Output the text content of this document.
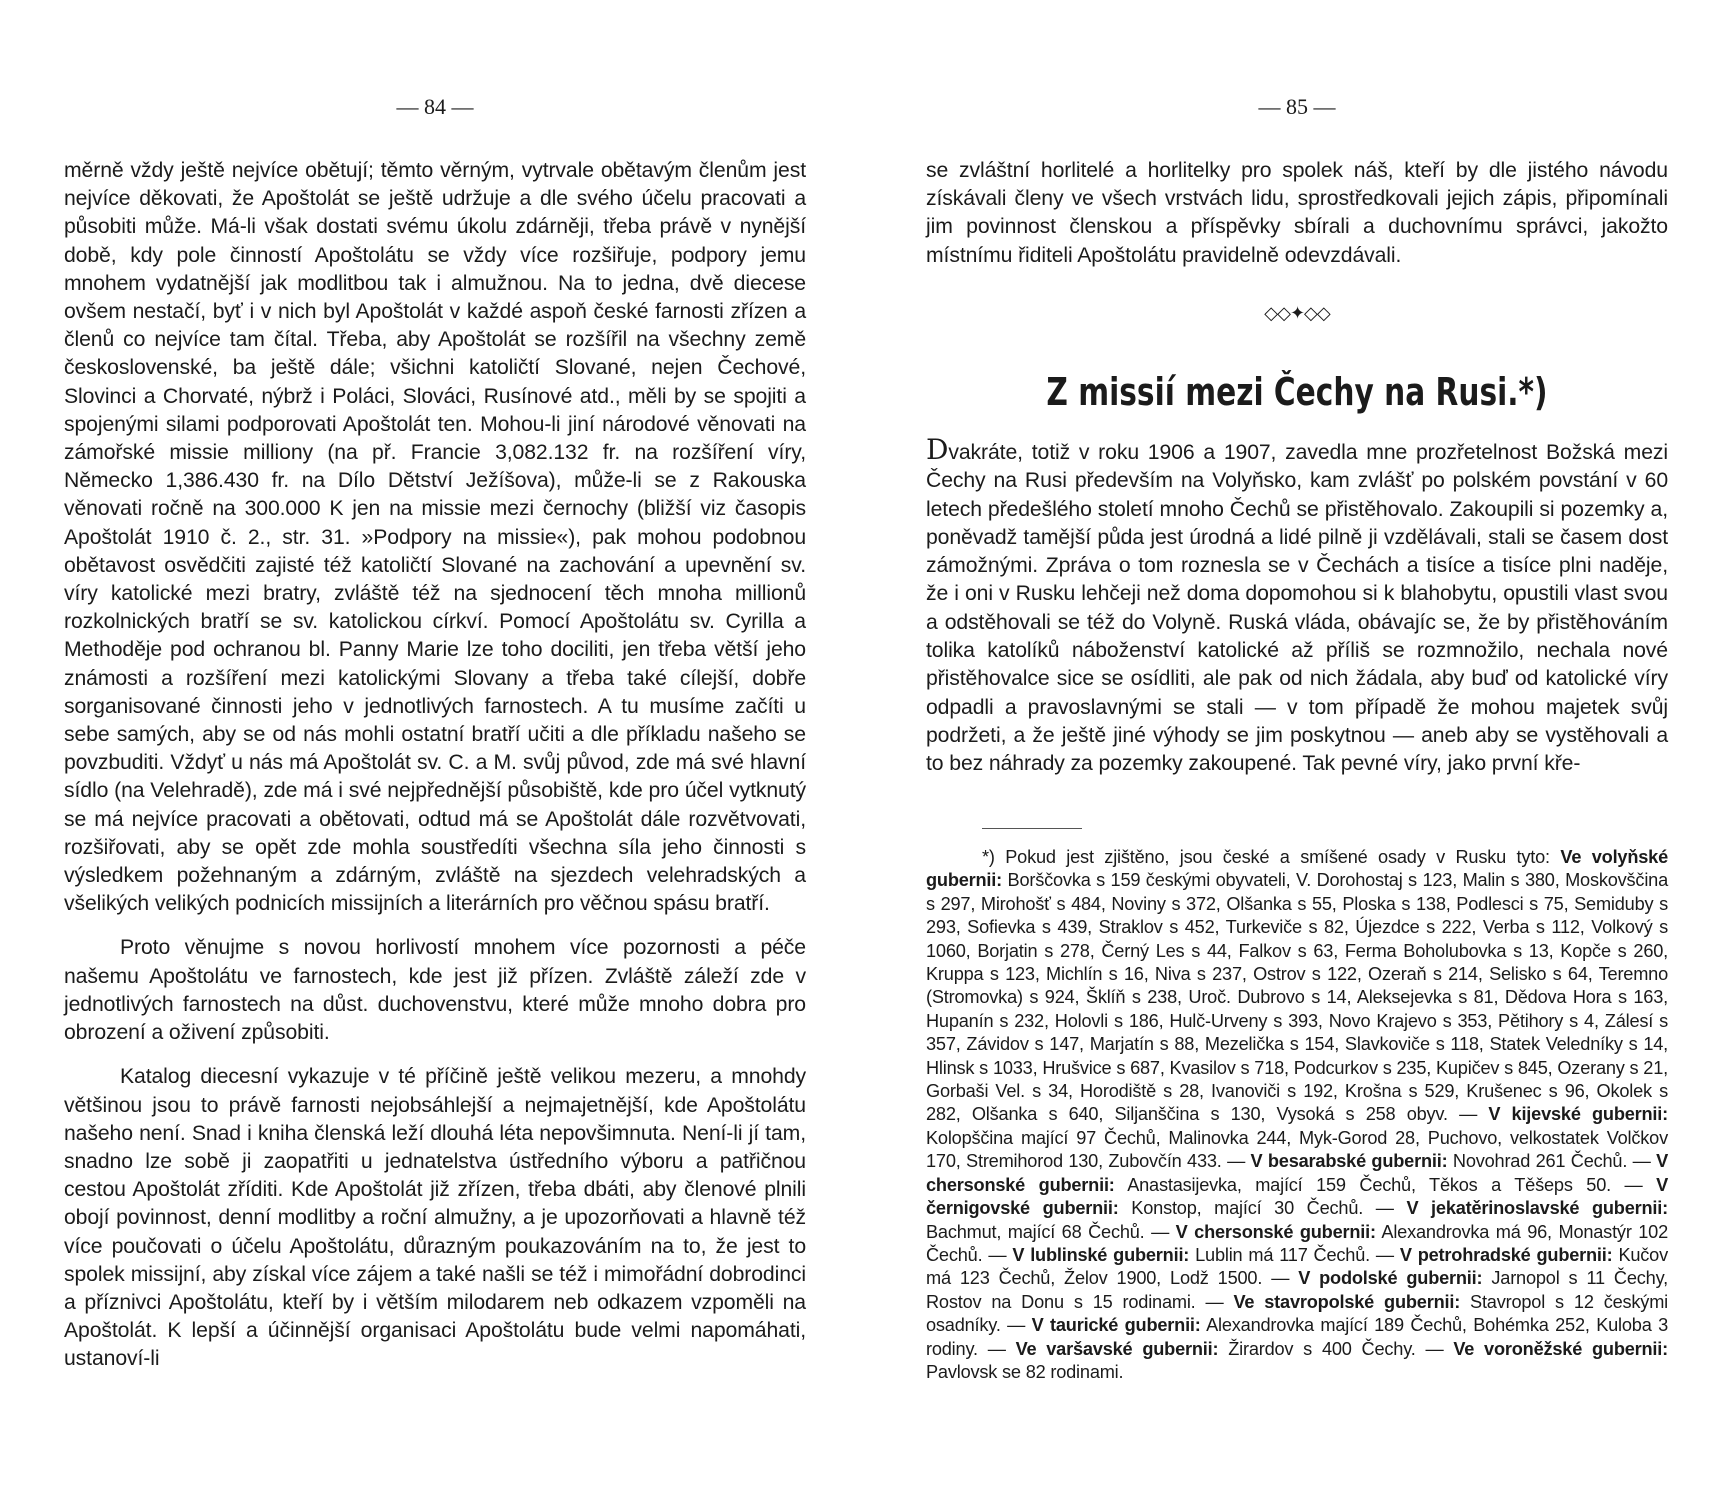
— 84 —

měrně vždy ještě nejvíce obětují; těmto věrným, vytrvale obětavým členům jest nejvíce děkovati, že Apoštolát se ještě udržuje a dle svého účelu pracovati a působiti může. Má-li však dostati svému úkolu zdárněji, třeba právě v nynější době, kdy pole činností Apoštolátu se vždy více rozšiřuje, podpory jemu mnohem vydatnější jak modlitbou tak i almužnou. Na to jedna, dvě diecese ovšem nestačí, byť i v nich byl Apoštolát v každé aspoň české farnosti zřízen a členů co nejvíce tam čítal. Třeba, aby Apoštolát se rozšířil na všechny země československé, ba ještě dále; všichni katoličtí Slované, nejen Čechové, Slovinci a Chorvaté, nýbrž i Poláci, Slováci, Rusínové atd., měli by se spojiti a spojenými silami podporovati Apoštolát ten. Mohou-li jiní národové věnovati na zámořské missie milliony (na př. Francie 3,082.132 fr. na rozšíření víry, Německo 1,386.430 fr. na Dílo Dětství Ježíšova), může-li se z Rakouska věnovati ročně na 300.000 K jen na missie mezi černochy (bližší viz časopis Apoštolát 1910 č. 2., str. 31. »Podpory na missie«), pak mohou podobnou obětavost osvědčiti zajisté též katoličtí Slované na zachování a upevnění sv. víry katolické mezi bratry, zvláště též na sjednocení těch mnoha millionů rozkolnických bratří se sv. katolickou církví. Pomocí Apoštolátu sv. Cyrilla a Methoděje pod ochranou bl. Panny Marie lze toho dociliti, jen třeba větší jeho známosti a rozšíření mezi katolickými Slovany a třeba také cílejší, dobře sorganisované činnosti jeho v jednotlivých farnostech. A tu musíme začíti u sebe samých, aby se od nás mohli ostatní bratří učiti a dle příkladu našeho se povzbuditi. Vždyť u nás má Apoštolát sv. C. a M. svůj původ, zde má své hlavní sídlo (na Velehradě), zde má i své nejpřednější působiště, kde pro účel vytknutý se má nejvíce pracovati a obětovati, odtud má se Apoštolát dále rozvětvovati, rozšiřovati, aby se opět zde mohla soustředíti všechna síla jeho činnosti s výsledkem požehnaným a zdárným, zvláště na sjezdech velehradských a všelikých velikých podnicích missijních a literárních pro věčnou spásu bratří.

Proto věnujme s novou horlivostí mnohem více pozornosti a péče našemu Apoštolátu ve farnostech, kde jest již přízen. Zvláště záleží zde v jednotlivých farnostech na důst. duchovenstvu, které může mnoho dobra pro obrození a oživení způsobiti.

Katalog diecesní vykazuje v té příčině ještě velikou mezeru, a mnohdy většinou jsou to právě farnosti nejobsáhlejší a nejmajetnější, kde Apoštolátu našeho není. Snad i kniha členská leží dlouhá léta nepovšimnuta. Není-li jí tam, snadno lze sobě ji zaopatřiti u jednatelstva ústředního výboru a patřičnou cestou Apoštolát zříditi. Kde Apoštolát již zřízen, třeba dbáti, aby členové plnili obojí povinnost, denní modlitby a roční almužny, a je upozorňovati a hlavně též více poučovati o účelu Apoštolátu, důrazným poukazováním na to, že jest to spolek missijní, aby získal více zájem a také našli se též i mimořádní dobrodinci a příznivci Apoštolátu, kteří by i větším milodarem neb odkazem vzpoměli na Apoštolát. K lepší a účinnější organisaci Apoštolátu bude velmi napomáhati, ustanoví-li

— 85 —

se zvláštní horlitelé a horlitelky pro spolek náš, kteří by dle jistého návodu získávali členy ve všech vrstvách lidu, sprostředkovali jejich zápis, připomínali jim povinnost členskou a příspěvky sbírali a duchovnímu správci, jakožto místnímu řiditeli Apoštolátu pravidelně odevzdávali.

◇◇✦◇◇
Z missií mezi Čechy na Rusi.*)
Dvakráte, totiž v roku 1906 a 1907, zavedla mne prozřetelnost Božská mezi Čechy na Rusi především na Volyňsko, kam zvlášť po polském povstání v 60 letech předešlého století mnoho Čechů se přistěhovalo. Zakoupili si pozemky a, poněvadž tamější půda jest úrodná a lidé pilně ji vzdělávali, stali se časem dost zámožnými. Zpráva o tom roznesla se v Čechách a tisíce a tisíce plni naděje, že i oni v Rusku lehčeji než doma dopomohou si k blahobytu, opustili vlast svou a odstěhovali se též do Volyně. Ruská vláda, obávajíc se, že by přistěhováním tolika katolíků náboženství katolické až příliš se rozmnožilo, nechala nové přistěhovalce sice se osídliti, ale pak od nich žádala, aby buď od katolické víry odpadli a pravoslavnými se stali — v tom případě že mohou majetek svůj podržeti, a že ještě jiné výhody se jim poskytnou — aneb aby se vystěhovali a to bez náhrady za pozemky zakoupené. Tak pevné víry, jako první kře-

*) Pokud jest zjištěno, jsou české a smíšené osady v Rusku tyto: Ve volyňské gubernii: Borščovka s 159 českými obyvateli, V. Dorohostaj s 123, Malin s 380, Moskovščina s 297, Mirohošť s 484, Noviny s 372, Olšanka s 55, Ploska s 138, Podlesci s 75, Semiduby s 293, Sofievka s 439, Straklov s 452, Turkeviče s 82, Újezdce s 222, Verba s 112, Volkový s 1060, Borjatin s 278, Černý Les s 44, Falkov s 63, Ferma Boholubovka s 13, Kopče s 260, Kruppa s 123, Michlín s 16, Niva s 237, Ostrov s 122, Ozeraň s 214, Selisko s 64, Teremno (Stromovka) s 924, Šklíň s 238, Uroč. Dubrovo s 14, Aleksejevka s 81, Dědova Hora s 163, Hupanín s 232, Holovli s 186, Hulč-Urveny s 393, Novo Krajevo s 353, Pětihory s 4, Zálesí s 357, Závidov s 147, Marjatín s 88, Mezelička s 154, Slavkoviče s 118, Statek Veledníky s 14, Hlinsk s 1033, Hrušvice s 687, Kvasilov s 718, Podcurkov s 235, Kupičev s 845, Ozerany s 21, Gorbaši Vel. s 34, Horodiště s 28, Ivanoviči s 192, Krošna s 529, Krušenec s 96, Okolek s 282, Olšanka s 640, Siljanščina s 130, Vysoká s 258 obyv. — V kijevské gubernii: Kolopščina mající 97 Čechů, Malinovka 244, Myk-Gorod 28, Puchovo, velkostatek Volčkov 170, Stremihorod 130, Zubovčín 433. — V besarabské gubernii: Novohrad 261 Čechů. — V chersonské gubernii: Anastasijevka, mající 159 Čechů, Těkos a Těšeps 50. — V černigovské gubernii: Konstop, mající 30 Čechů. — V jekatěrinoslavské gubernii: Bachmut, mající 68 Čechů. — V chersonské gubernii: Alexandrovka má 96, Monastýr 102 Čechů. — V lublinské gubernii: Lublin má 117 Čechů. — V petrohradské gubernii: Kučov má 123 Čechů, Želov 1900, Lodž 1500. — V podolské gubernii: Jarnopol s 11 Čechy, Rostov na Donu s 15 rodinami. — Ve stavropolské gubernii: Stavropol s 12 českými osadníky. — V taurické gubernii: Alexandrovka mající 189 Čechů, Bohémka 252, Kuloba 3 rodiny. — Ve varšavské gubernii: Žirardov s 400 Čechy. — Ve voroněžské gubernii: Pavlovsk se 82 rodinami.
